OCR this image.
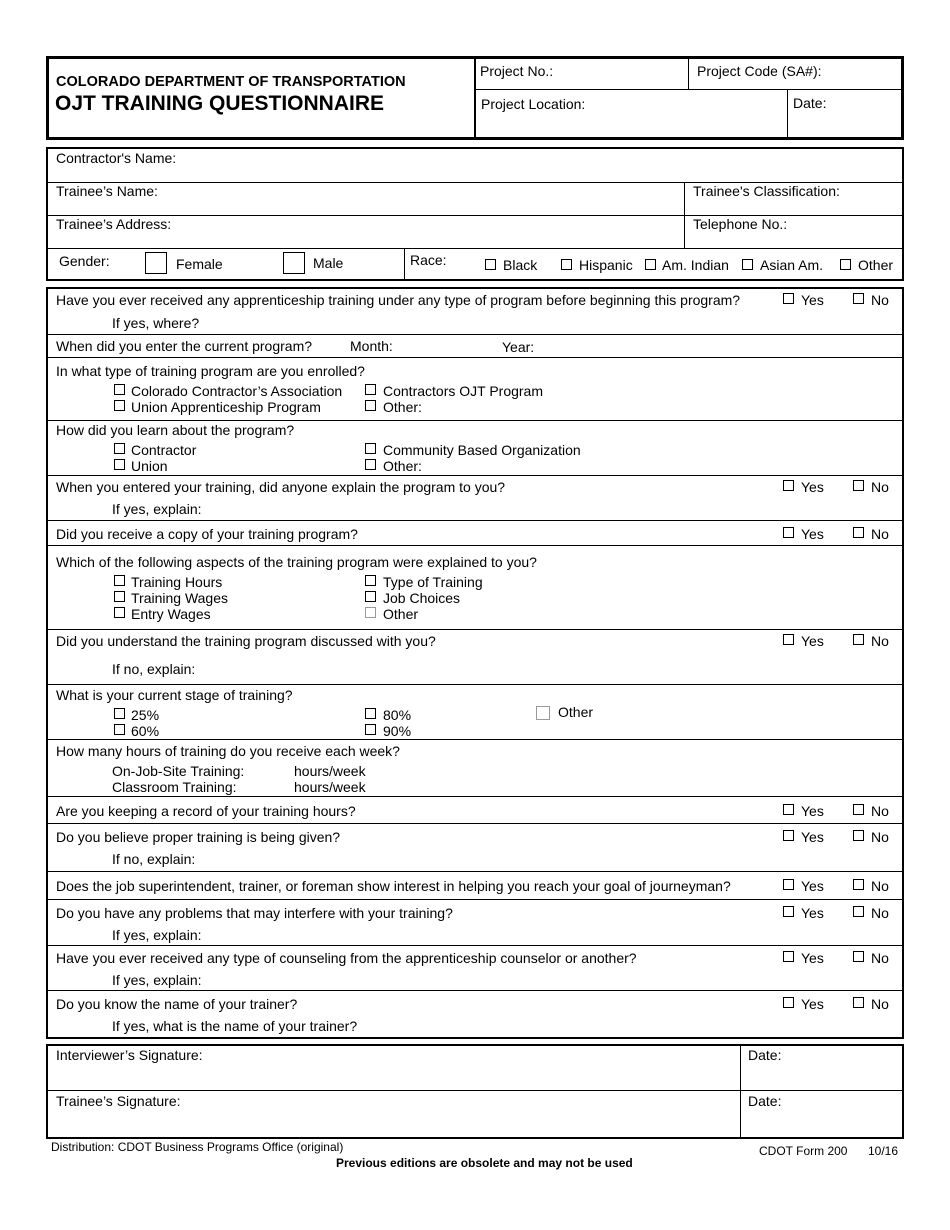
COLORADO DEPARTMENT OF TRANSPORTATION
OJT TRAINING QUESTIONNAIRE
Project No.:	Project Code (SA#):
Project Location:	Date:
Contractor's Name:
Trainee’s Name:	Trainee's Classification:
Trainee’s Address:	Telephone No.:
Gender:	Female	Male	Race:	Black	Hispanic Am. Indian Asian Am. Other
Have you ever received any apprenticeship training under any type of program before beginning this program?	Yes	No
If yes, where?
When did you enter the current program?	Month:	Year:
In what type of training program are you enrolled?
Colorado Contractor’s Association
Union Apprenticeship Program
Contractors OJT Program
Other:
How did you learn about the program?
Contractor
Union
Community Based Organization
Other:
When you entered your training, did anyone explain the program to you?	Yes	No
If yes, explain:
Did you receive a copy of your training program?	Yes	No
Which of the following aspects of the training program were explained to you?
Training Hours
Training Wages
Entry Wages
Type of Training
Job Choices
Other
Did you understand the training program discussed with you?	Yes	No
If no, explain:
What is your current stage of training?
25%
60%
80%
90%
Other
How many hours of training do you receive each week?
On-Job-Site Training:	hours/week
Classroom Training:	hours/week
Are you keeping a record of your training hours?	Yes	No
Do you believe proper training is being given?	Yes	No
If no, explain:
Does the job superintendent, trainer, or foreman show interest in helping you reach your goal of journeyman?	Yes	No
Do you have any problems that may interfere with your training?	Yes	No
If yes, explain:
Have you ever received any type of counseling from the apprenticeship counselor or another?	Yes	No
If yes, explain:
Do you know the name of your trainer?	Yes	No
If yes, what is the name of your trainer?
Interviewer’s Signature:	Date:
Trainee’s Signature:	Date:
Distribution: CDOT Business Programs Office (original)
Previous editions are obsolete and may not be used
CDOT Form 200 10/16
